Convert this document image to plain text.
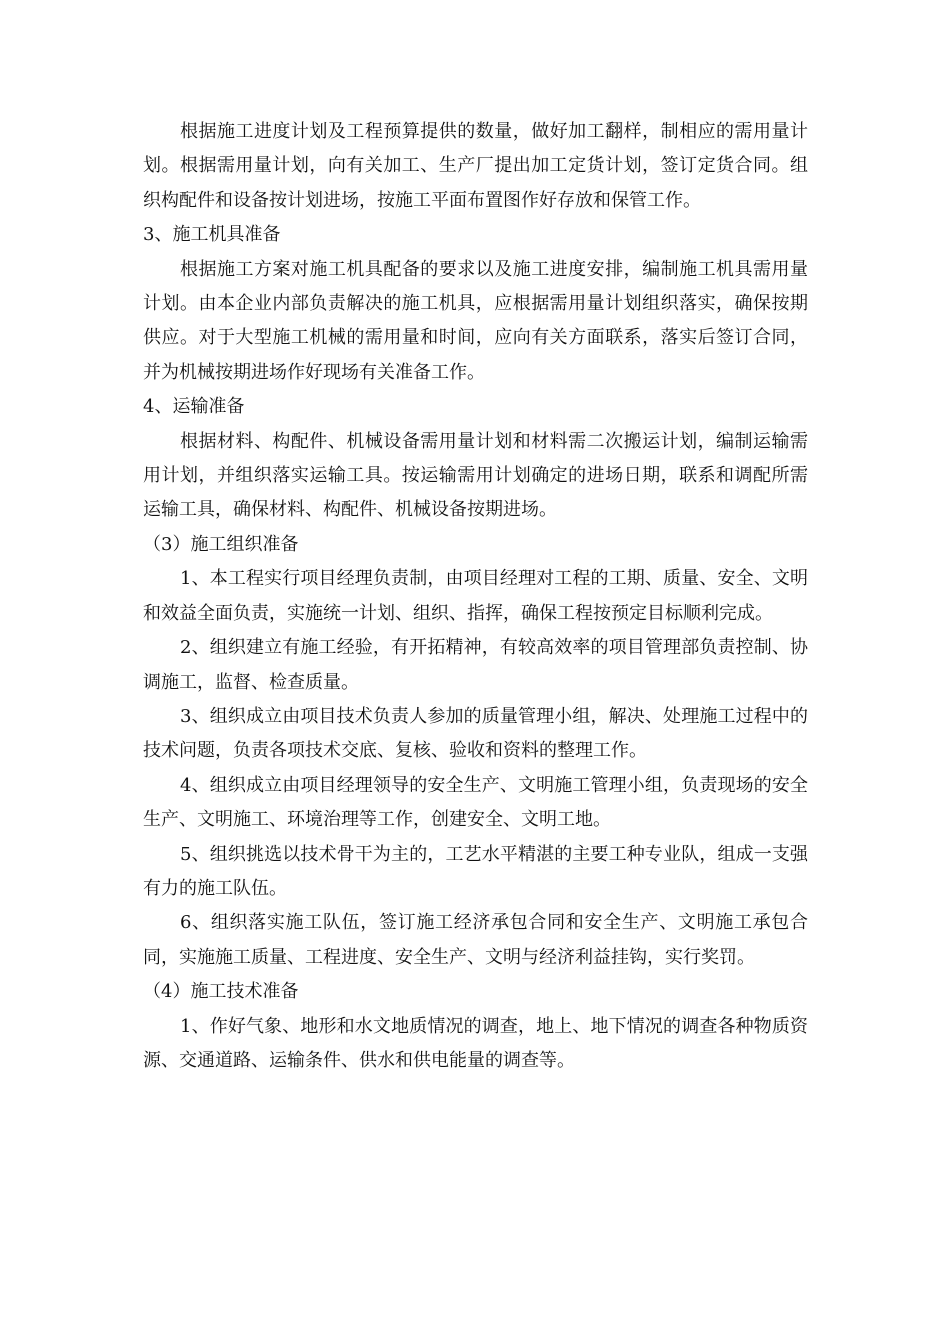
根据施工进度计划及工程预算提供的数量，做好加工翻样，制相应的需用量计划。根据需用量计划，向有关加工、生产厂提出加工定货计划，签订定货合同。组织构配件和设备按计划进场，按施工平面布置图作好存放和保管工作。

3、施工机具准备

根据施工方案对施工机具配备的要求以及施工进度安排，编制施工机具需用量计划。由本企业内部负责解决的施工机具，应根据需用量计划组织落实，确保按期供应。对于大型施工机械的需用量和时间，应向有关方面联系，落实后签订合同，并为机械按期进场作好现场有关准备工作。

4、运输准备

根据材料、构配件、机械设备需用量计划和材料需二次搬运计划，编制运输需用计划，并组织落实运输工具。按运输需用计划确定的进场日期，联系和调配所需运输工具，确保材料、构配件、机械设备按期进场。

（3）施工组织准备

1、本工程实行项目经理负责制，由项目经理对工程的工期、质量、安全、文明和效益全面负责，实施统一计划、组织、指挥，确保工程按预定目标顺利完成。

2、组织建立有施工经验，有开拓精神，有较高效率的项目管理部负责控制、协调施工，监督、检查质量。

3、组织成立由项目技术负责人参加的质量管理小组，解决、处理施工过程中的技术问题，负责各项技术交底、复核、验收和资料的整理工作。

4、组织成立由项目经理领导的安全生产、文明施工管理小组，负责现场的安全生产、文明施工、环境治理等工作，创建安全、文明工地。

5、组织挑选以技术骨干为主的，工艺水平精湛的主要工种专业队，组成一支强有力的施工队伍。

6、组织落实施工队伍，签订施工经济承包合同和安全生产、文明施工承包合同，实施施工质量、工程进度、安全生产、文明与经济利益挂钩，实行奖罚。

（4）施工技术准备

1、作好气象、地形和水文地质情况的调查，地上、地下情况的调查各种物质资源、交通道路、运输条件、供水和供电能量的调查等。
